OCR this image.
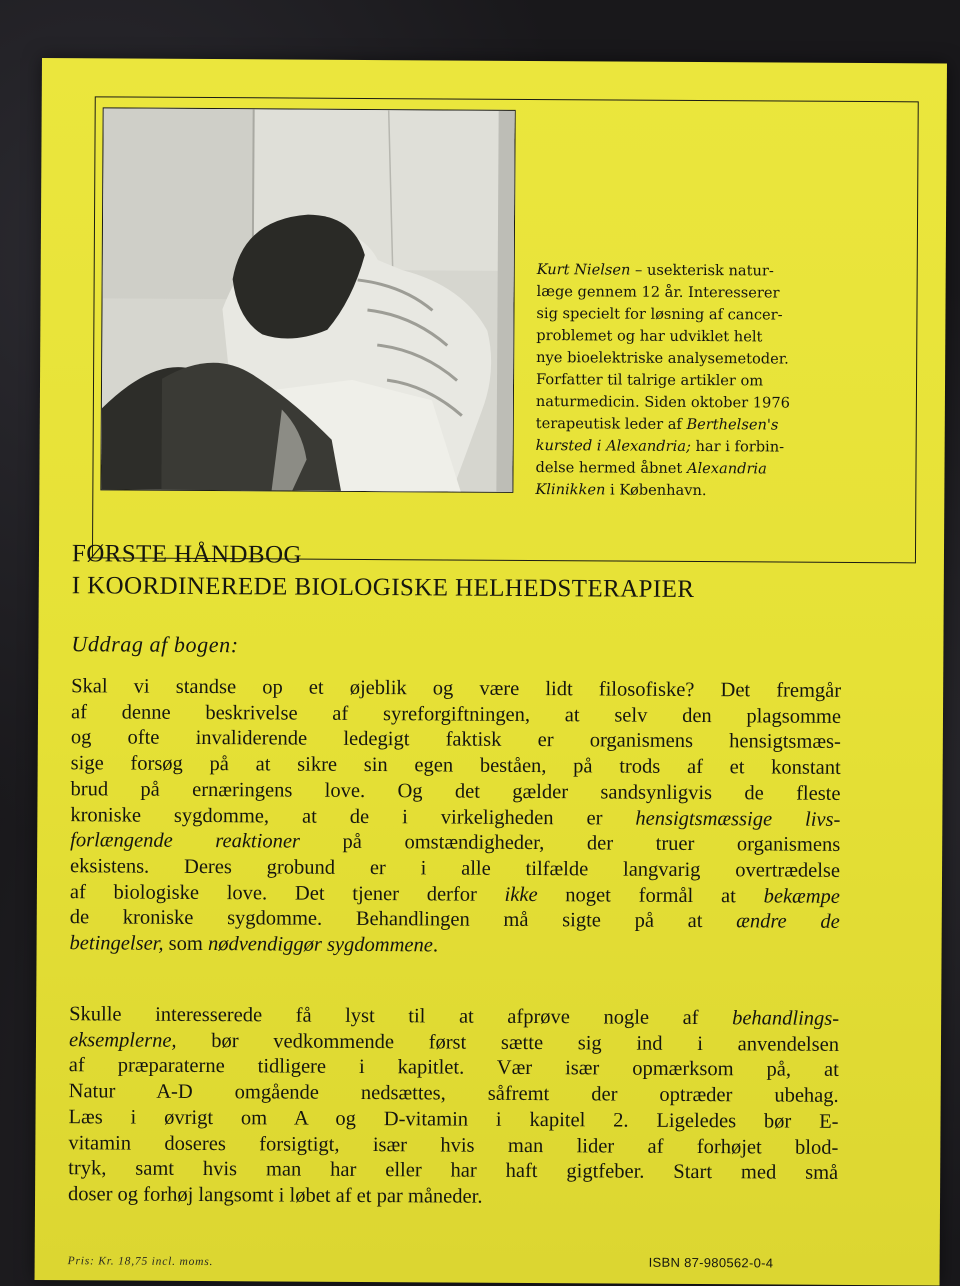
Kurt Nielsen – usekterisk natur-
læge gennem 12 år. Interesserer
sig specielt for løsning af cancer-
problemet og har udviklet helt
nye bioelektriske analysemetoder.
Forfatter til talrige artikler om
naturmedicin. Siden oktober 1976
terapeutisk leder af Berthelsen's
kursted i Alexandria; har i forbin-
delse hermed åbnet Alexandria
Klinikken i København.
FØRSTE HÅNDBOG
I KOORDINEREDE BIOLOGISKE HELHEDSTERAPIER
Uddrag af bogen:
Skal vi standse op et øjeblik og være lidt filosofiske? Det fremgår
af denne beskrivelse af syreforgiftningen, at selv den plagsomme
og ofte invaliderende ledegigt faktisk er organismens hensigtsmæs-
sige forsøg på at sikre sin egen beståen, på trods af et konstant
brud på ernæringens love. Og det gælder sandsynligvis de fleste
kroniske sygdomme, at de i virkeligheden er hensigtsmæssige livs-
forlængende reaktioner på omstændigheder, der truer organismens
eksistens. Deres grobund er i alle tilfælde langvarig overtrædelse
af biologiske love. Det tjener derfor ikke noget formål at bekæmpe
de kroniske sygdomme. Behandlingen må sigte på at ændre de
betingelser, som nødvendiggør sygdommene.
Skulle interesserede få lyst til at afprøve nogle af behandlings-
eksemplerne, bør vedkommende først sætte sig ind i anvendelsen
af præparaterne tidligere i kapitlet. Vær især opmærksom på, at
Natur A-D omgående nedsættes, såfremt der optræder ubehag.
Læs i øvrigt om A og D-vitamin i kapitel 2. Ligeledes bør E-
vitamin doseres forsigtigt, især hvis man lider af forhøjet blod-
tryk, samt hvis man har eller har haft gigtfeber. Start med små
doser og forhøj langsomt i løbet af et par måneder.
Pris: Kr. 18,75 incl. moms.	ISBN 87-980562-0-4
